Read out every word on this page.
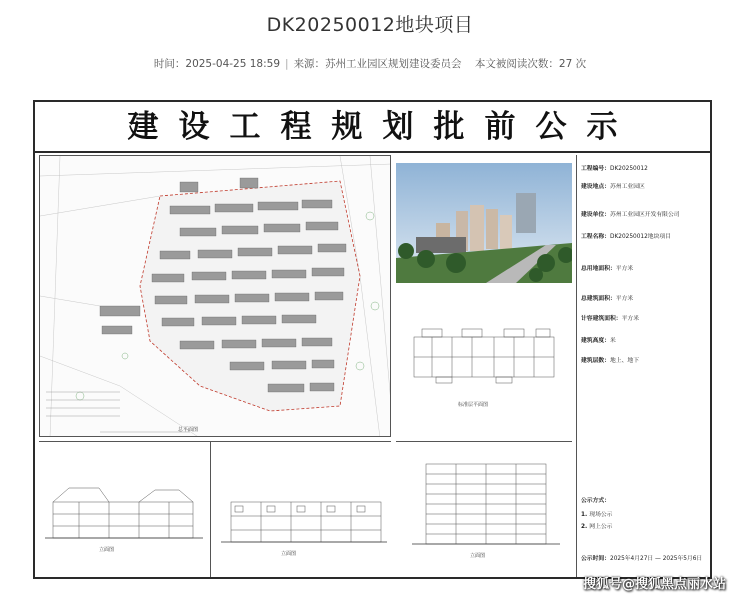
DK20250012地块项目
时间：2025-04-25 18:59 | 来源：苏州工业园区规划建设委员会 本文被阅读次数：27 次
建设工程规划批前公示
总平面图
标准层平面图
立面图
立面图	立面图
工程编号：DK20250012
建设地点：苏州工业园区
建设单位：苏州工业园区开发有限公司
工程名称：DK20250012地块项目
总用地面积：平方米
总建筑面积：平方米
计容建筑面积：平方米
建筑高度：米
建筑层数：地上、地下
公示方式：
1. 现场公示
2. 网上公示
公示时间：2025年4月27日 — 2025年5月6日
搜狐号@搜狐黑点丽水站
